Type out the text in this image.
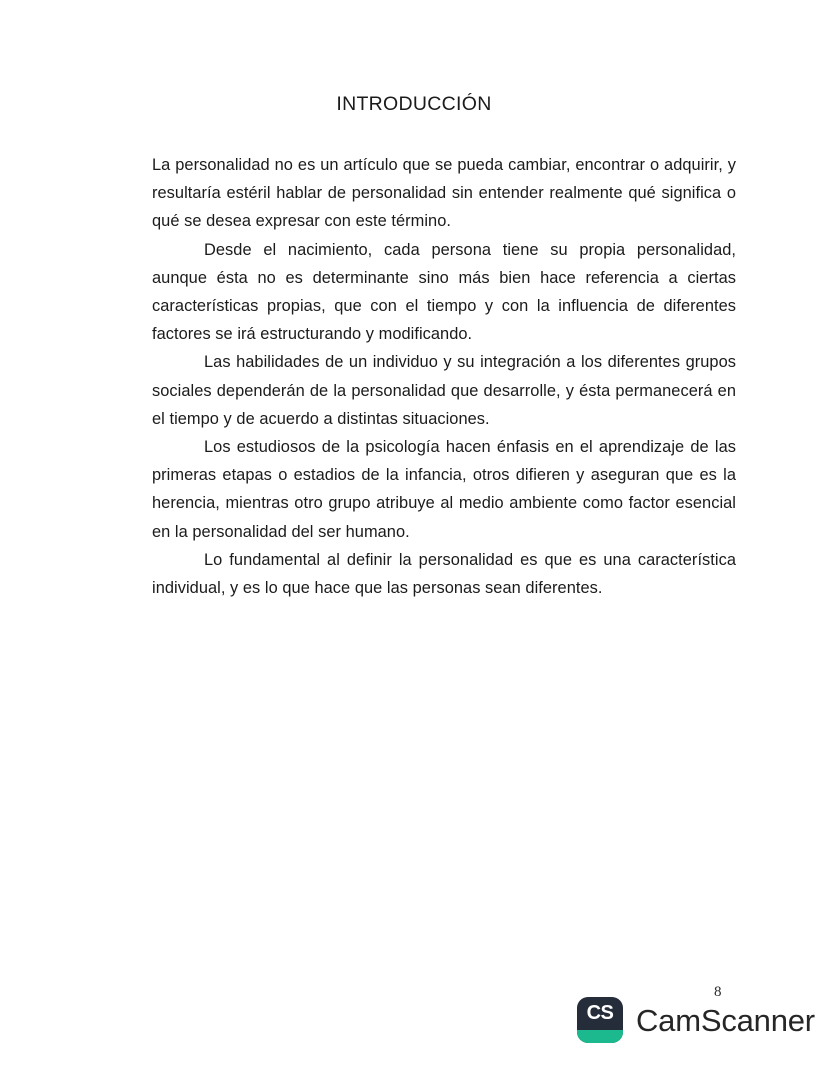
INTRODUCCIÓN

La personalidad no es un artículo que se pueda cambiar, encontrar o adquirir, y resultaría estéril hablar de personalidad sin entender realmente qué significa o qué se desea expresar con este término.

Desde el nacimiento, cada persona tiene su propia personalidad, aunque ésta no es determinante sino más bien hace referencia a ciertas características propias, que con el tiempo y con la influencia de diferentes factores se irá estructurando y modificando.

Las habilidades de un individuo y su integración a los diferentes grupos sociales dependerán de la personalidad que desarrolle, y ésta permanecerá en el tiempo y de acuerdo a distintas situaciones.

Los estudiosos de la psicología hacen énfasis en el aprendizaje de las primeras etapas o estadios de la infancia, otros difieren y aseguran que es la herencia, mientras otro grupo atribuye al medio ambiente como factor esencial en la personalidad del ser humano.

Lo fundamental al definir la personalidad es que es una característica individual, y es lo que hace que las personas sean diferentes.

8
CS CamScanner
